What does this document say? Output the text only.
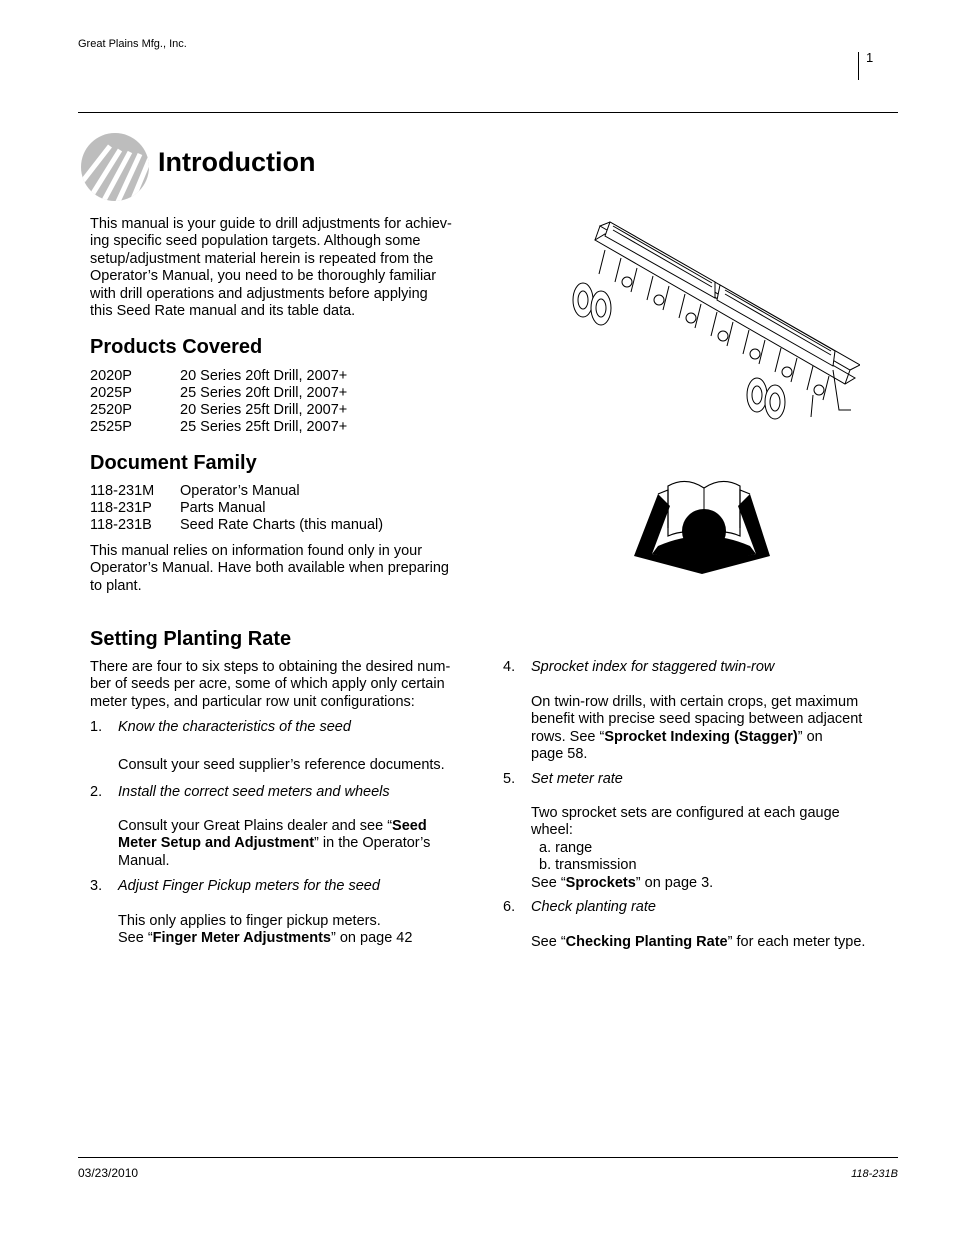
Great Plains Mfg., Inc.
1
Introduction
This manual is your guide to drill adjustments for achiev-
ing specific seed population targets. Although some
setup/adjustment material herein is repeated from the
Operator’s Manual, you need to be thoroughly familiar
with drill operations and adjustments before applying
this Seed Rate manual and its table data.
Products Covered
2020P	20 Series 20ft Drill, 2007+
2025P	25 Series 20ft Drill, 2007+
2520P	20 Series 25ft Drill, 2007+
2525P	25 Series 25ft Drill, 2007+
Document Family
118-231M Operator’s Manual
118-231P Parts Manual
118-231B Seed Rate Charts (this manual)
This manual relies on information found only in your
Operator’s Manual. Have both available when preparing
to plant.
Setting Planting Rate
There are four to six steps to obtaining the desired num-
ber of seeds per acre, some of which apply only certain
meter types, and particular row unit configurations:
1. Know the characteristics of the seed
Consult your seed supplier’s reference documents.
2. Install the correct seed meters and wheels
Consult your Great Plains dealer and see “Seed
Meter Setup and Adjustment” in the Operator’s
Manual.
3. Adjust Finger Pickup meters for the seed
This only applies to finger pickup meters.
See “Finger Meter Adjustments” on page 42
4. Sprocket index for staggered twin-row
On twin-row drills, with certain crops, get maximum
benefit with precise seed spacing between adjacent
rows. See “Sprocket Indexing (Stagger)” on
page 58.
5. Set meter rate
Two sprocket sets are configured at each gauge
wheel:
a. range
b. transmission
See “Sprockets” on page 3.
6. Check planting rate
See “Checking Planting Rate” for each meter type.
03/23/2010	118-231B
